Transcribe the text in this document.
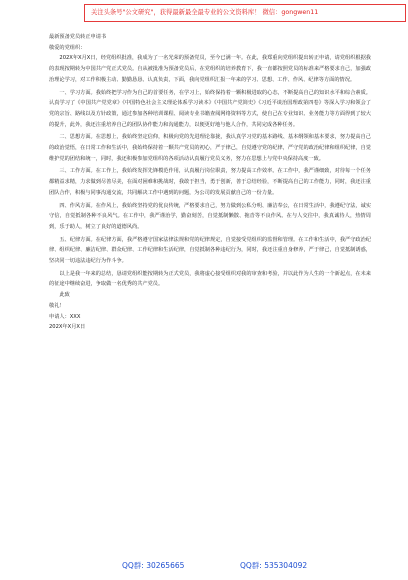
关注头条号"公文研究"，获得最新最全最专业的公文资料库！ 微信：gongwen11

最新预备党员转正申请书

敬爱的党组织：

202X年X月X日，经党组织批准，我成为了一名光荣的预备党员，至今已满一年。在此，我郑重向党组织提出转正申请，请党组织根据我的表现按期转为中国共产党正式党员。自从被批准为预备党员后，在党组织的培养教育下，我一直都按照党员的标准来严格要求自己，加强政治理论学习，对工作积极主动、勤勤恳恳、认真负责，下面，我向党组织汇报一年来的学习、思想、工作、作风、纪律等方面的情况。

一、学习方面。我始终把学习作为自己的首要任务，在学习上，始终保持着一颗积极进取的心态，不断提高自己的知识水平和综合素质。认真学习了《中国共产党党章》《中国特色社会主义理论体系学习读本》《中国共产党简史》《习近平谈治国理政第四卷》等深入学习和领会了党的宗旨、路线以及方针政策，通过参加各种培训课程、阅读专业书籍查阅网络资料等方式，使自己在专业知识、业务能力等方面得到了较大的提升，此外，我还注重培养自己的团队协作能力和沟通能力，以便更好地与他人合作，共同完成各种任务。

二、思想方面。在思想上，我始终坚定信仰，积极向党的先进理论靠拢，我认真学习党的基本路线、基本纲领和基本要求，努力提高自己的政治觉悟，在日常工作和生活中，我始终保持着一颗共产党员的初心，严于律己，自觉遵守党的纪律，严守党的政治纪律和组织纪律，自觉维护党的团结和统一，同时，我还积极参加党组织的各项活动认真履行党员义务，努力在思想上与党中央保持高度一致。

三、工作方面。在工作上，我始终发挥先锋模范作用，认真履行岗位职责，努力提高工作效率。在工作中，我严谨细致，对待每一个任务都精益求精，力求做到尽善尽美，在面对困难和挑战时，我敢于担当，勇于创新，善于总结经验，不断提高自己的工作能力，同时，我还注重团队合作，积极与同事沟通交流，共同解决工作中遇到的问题，为公司的发展贡献自己的一份力量。

四、作风方面。在作风上，我始终坚持党的优良传统，严格要求自己，努力做到公私分明、廉洁奉公，在日常生活中，我遵纪守法，诚实守信，自觉抵制各种不良风气。在工作中，我严谨治学，勤奋刻苦，自觉抵制懒散、拖沓等不良作风。在与人交往中，我真诚待人，热情周到，乐于助人，树立了良好的道德风尚。

五、纪律方面。在纪律方面，我严格遵守国家法律法规和党的纪律规定，自觉接受党组织的监督和管理。在工作和生活中，我严守政治纪律、组织纪律、廉洁纪律、群众纪律、工作纪律和生活纪律，自觉抵制各种违纪行为，同时，我还注重自身修养，严于律己，自觉抵制诱惑，坚决同一切违法违纪行为作斗争。

以上是我一年来的总结，恳请党组织能按期转为正式党员，我将虚心接受组织对我的审查和考验，并以此作为人生的一个新起点，在未来的征途中继续奋进，争取做一名优秀的共产党员。

此致

敬礼！

申请人：XXX

202X年X月X日

QQ群: 30265665	QQ群: 535304092
